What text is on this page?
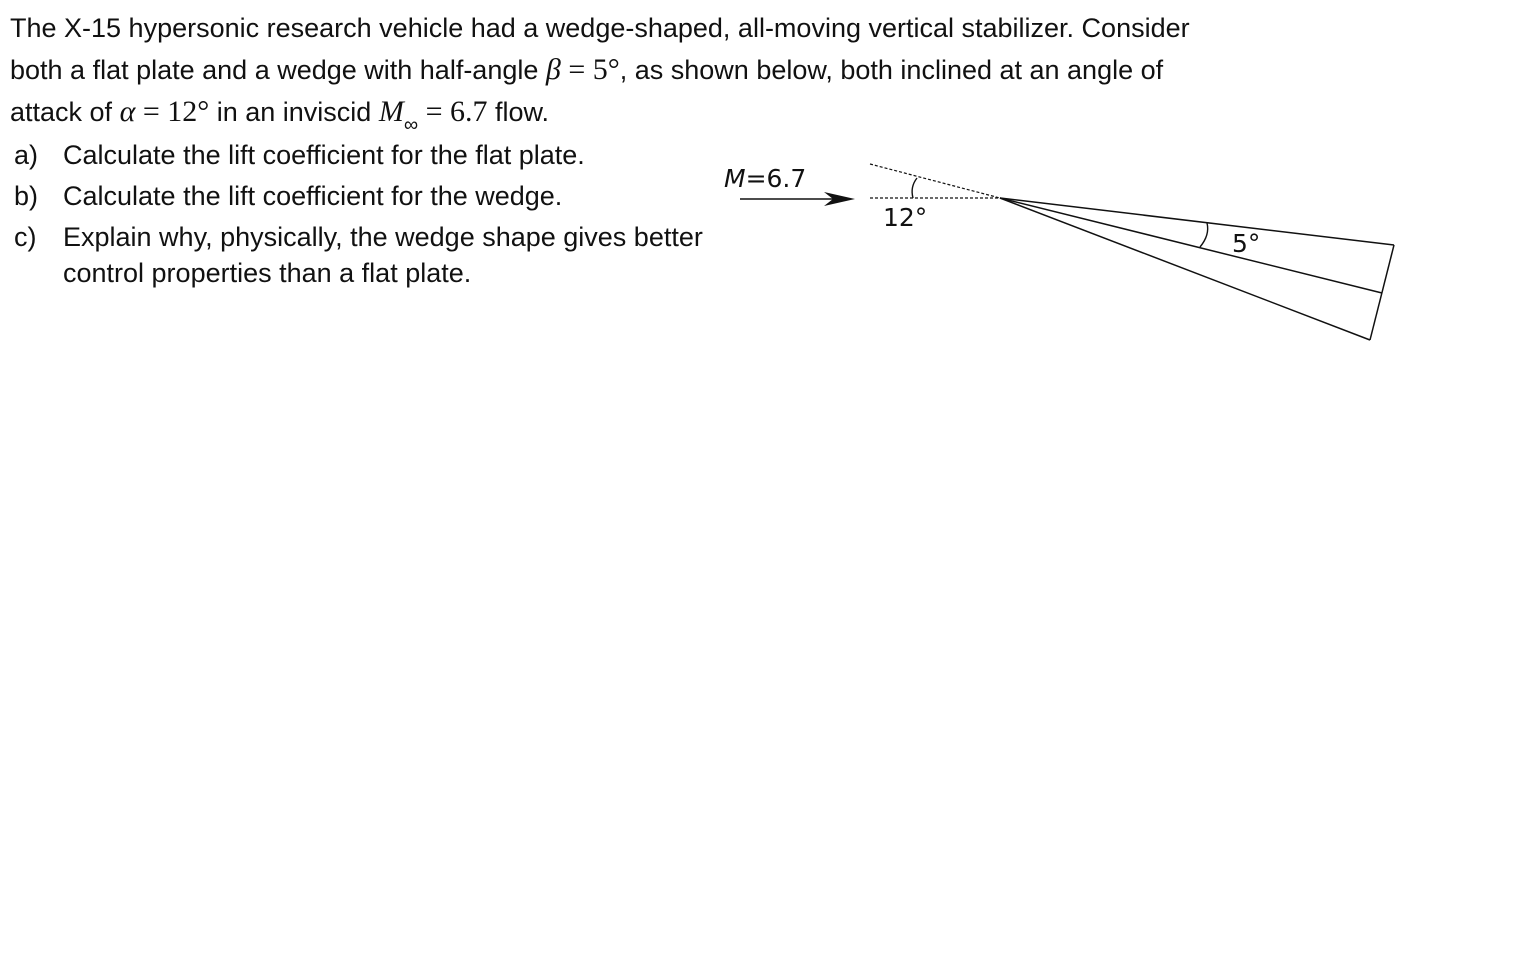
The X-15 hypersonic research vehicle had a wedge-shaped, all-moving vertical stabilizer. Consider
both a flat plate and a wedge with half-angle β = 5°, as shown below, both inclined at an angle of
attack of α = 12° in an inviscid $M_\infty = 6.7$ flow.
a) Calculate the lift coefficient for the flat plate.
b) Calculate the lift coefficient for the wedge.
c) Explain why, physically, the wedge shape gives better control properties than a flat plate.
M=6.7
12°
5°
